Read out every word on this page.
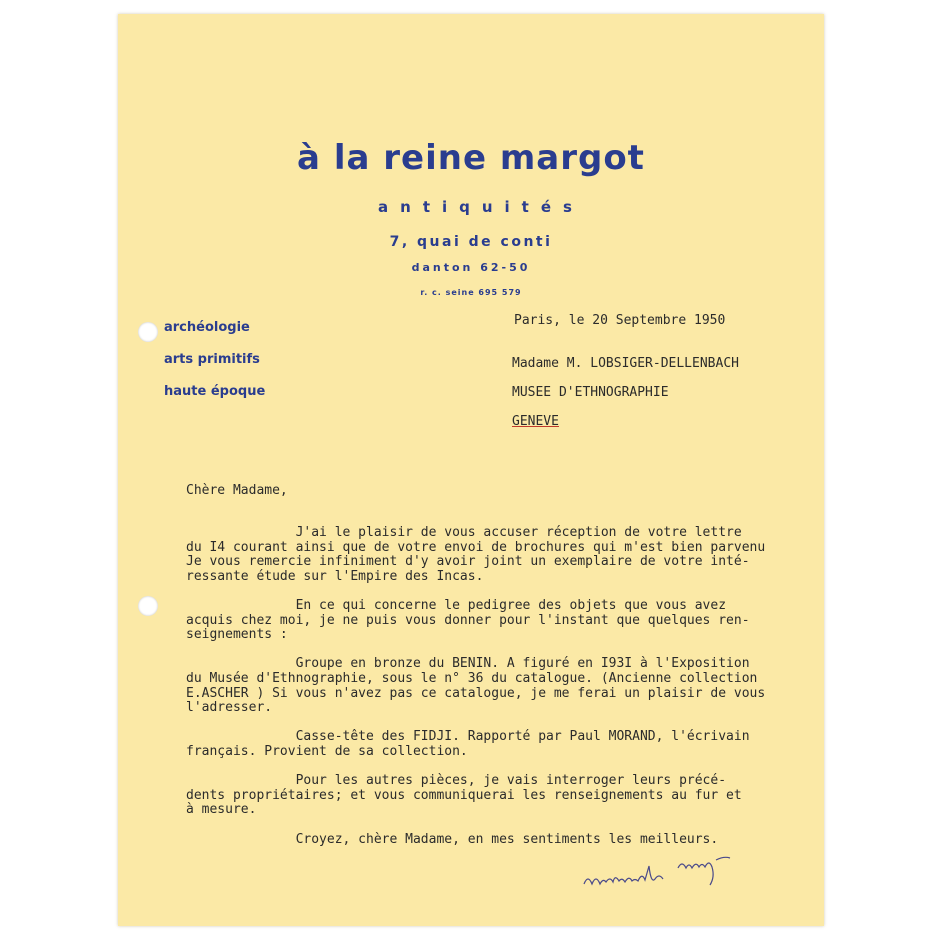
à la reine margot
antiquités
7, quai de conti
danton 62-50
r. c. seine 695 579
archéologie
arts primitifs
haute époque
Paris, le 20 Septembre 1950
Madame M. LOBSIGER-DELLENBACH
MUSEE D'ETHNOGRAPHIE
GENEVE
Chère Madame,
J'ai le plaisir de vous accuser réception de votre lettre
du I4 courant ainsi que de votre envoi de brochures qui m'est bien parvenu
Je vous remercie infiniment d'y avoir joint un exemplaire de votre inté-
ressante étude sur l'Empire des Incas.
En ce qui concerne le pedigree des objets que vous avez
acquis chez moi, je ne puis vous donner pour l'instant que quelques ren-
seignements :
Groupe en bronze du BENIN. A figuré en I93I à l'Exposition
du Musée d'Ethnographie, sous le n° 36 du catalogue. (Ancienne collection
E.ASCHER ) Si vous n'avez pas ce catalogue, je me ferai un plaisir de vous
l'adresser.
Casse-tête des FIDJI. Rapporté par Paul MORAND, l'écrivain
français. Provient de sa collection.
Pour les autres pièces, je vais interroger leurs précé-
dents propriétaires; et vous communiquerai les renseignements au fur et
à mesure.
Croyez, chère Madame, en mes sentiments les meilleurs.
